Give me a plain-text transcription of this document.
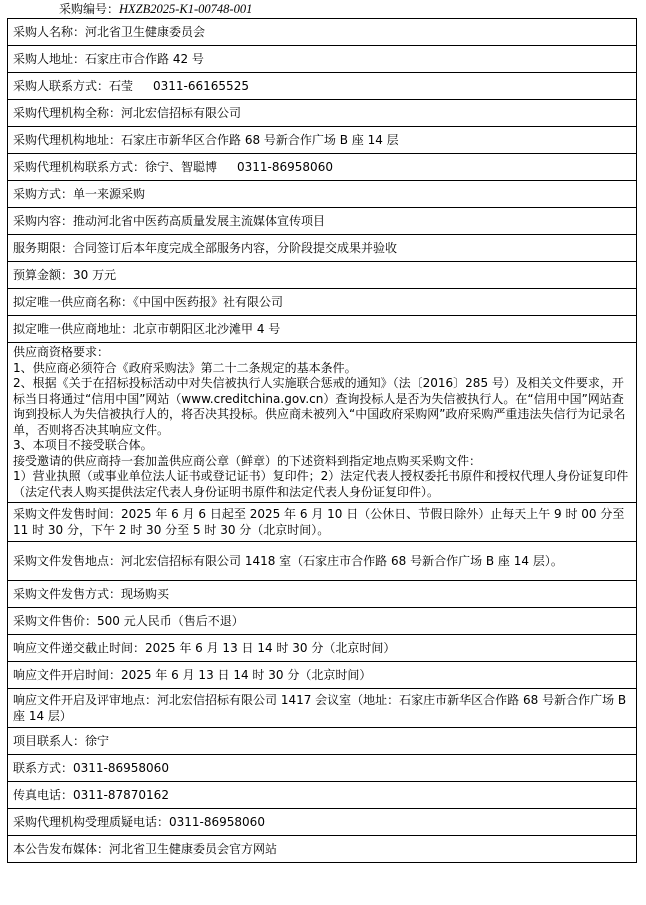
采购编号：HXZB2025-K1-00748-001
采购人名称：河北省卫生健康委员会
采购人地址：石家庄市合作路 42 号
采购人联系方式：石莹 0311-66165525
采购代理机构全称：河北宏信招标有限公司
采购代理机构地址：石家庄市新华区合作路 68 号新合作广场 B 座 14 层
采购代理机构联系方式：徐宁、智聪博 0311-86958060
采购方式：单一来源采购
采购内容：推动河北省中医药高质量发展主流媒体宣传项目
服务期限：合同签订后本年度完成全部服务内容，分阶段提交成果并验收
预算金额：30 万元
拟定唯一供应商名称：《中国中医药报》社有限公司
拟定唯一供应商地址：北京市朝阳区北沙滩甲 4 号

供应商资格要求：

1、供应商必须符合《政府采购法》第二十二条规定的基本条件。

2、根据《关于在招标投标活动中对失信被执行人实施联合惩戒的通知》（法〔2016〕285 号）及相关文件要求，开标当日将通过“信用中国”网站（www.creditchina.gov.cn）查询投标人是否为失信被执行人。在“信用中国”网站查询到投标人为失信被执行人的，将否决其投标。供应商未被列入“中国政府采购网”政府采购严重违法失信行为记录名单，否则将否决其响应文件。

3、本项目不接受联合体。

接受邀请的供应商持一套加盖供应商公章（鲜章）的下述资料到指定地点购买采购文件：

1）营业执照（或事业单位法人证书或登记证书）复印件；2）法定代表人授权委托书原件和授权代理人身份证复印件（法定代表人购买提供法定代表人身份证明书原件和法定代表人身份证复印件）。

采购文件发售时间：2025 年 6 月 6 日起至 2025 年 6 月 10 日（公休日、节假日除外）止每天上午 9 时 00 分至 11 时 30 分，下午 2 时 30 分至 5 时 30 分（北京时间）。
采购文件发售地点：河北宏信招标有限公司 1418 室（石家庄市合作路 68 号新合作广场 B 座 14 层）。
采购文件发售方式：现场购买
采购文件售价：500 元人民币（售后不退）
响应文件递交截止时间：2025 年 6 月 13 日 14 时 30 分（北京时间）
响应文件开启时间：2025 年 6 月 13 日 14 时 30 分（北京时间）
响应文件开启及评审地点：河北宏信招标有限公司 1417 会议室（地址：石家庄市新华区合作路 68 号新合作广场 B 座 14 层）
项目联系人：徐宁
联系方式：0311-86958060
传真电话：0311-87870162
采购代理机构受理质疑电话：0311-86958060
本公告发布媒体：河北省卫生健康委员会官方网站
